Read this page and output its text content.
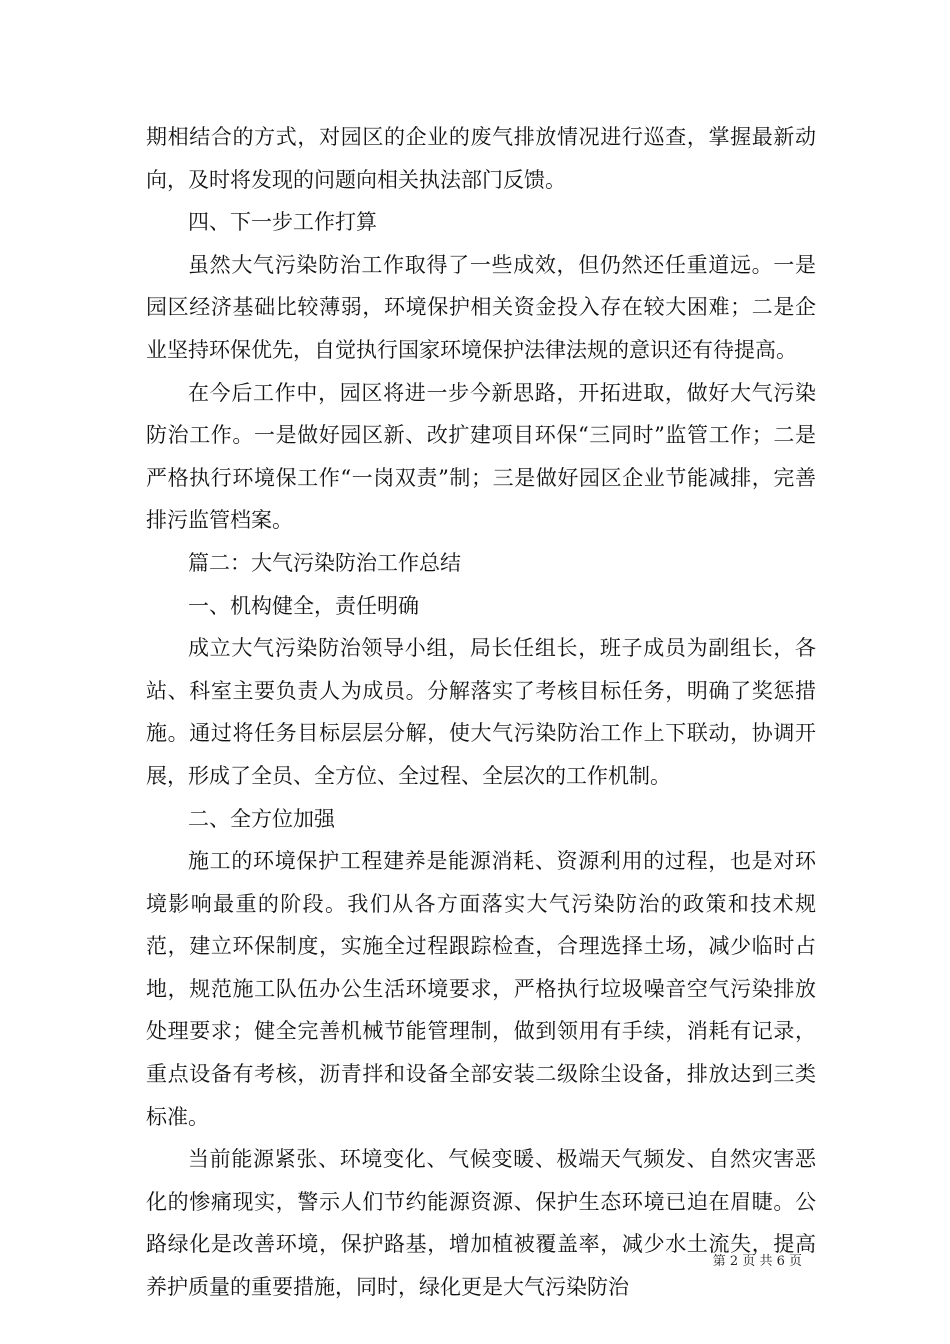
期相结合的方式，对园区的企业的废气排放情况进行巡查，掌握最新动向，及时将发现的问题向相关执法部门反馈。

四、下一步工作打算

虽然大气污染防治工作取得了一些成效，但仍然还任重道远。一是园区经济基础比较薄弱，环境保护相关资金投入存在较大困难；二是企业坚持环保优先，自觉执行国家环境保护法律法规的意识还有待提高。

在今后工作中，园区将进一步今新思路，开拓进取，做好大气污染防治工作。一是做好园区新、改扩建项目环保“三同时”监管工作；二是严格执行环境保工作“一岗双责”制；三是做好园区企业节能减排，完善排污监管档案。

篇二：大气污染防治工作总结

一、机构健全，责任明确

成立大气污染防治领导小组，局长任组长，班子成员为副组长，各站、科室主要负责人为成员。分解落实了考核目标任务，明确了奖惩措施。通过将任务目标层层分解，使大气污染防治工作上下联动，协调开展，形成了全员、全方位、全过程、全层次的工作机制。

二、全方位加强

施工的环境保护工程建养是能源消耗、资源利用的过程，也是对环境影响最重的阶段。我们从各方面落实大气污染防治的政策和技术规范，建立环保制度，实施全过程跟踪检查，合理选择土场，减少临时占地，规范施工队伍办公生活环境要求，严格执行垃圾噪音空气污染排放处理要求；健全完善机械节能管理制，做到领用有手续，消耗有记录，重点设备有考核，沥青拌和设备全部安装二级除尘设备，排放达到三类标准。

当前能源紧张、环境变化、气候变暖、极端天气频发、自然灾害恶化的惨痛现实，警示人们节约能源资源、保护生态环境已迫在眉睫。公路绿化是改善环境，保护路基，增加植被覆盖率，减少水土流失，提高养护质量的重要措施，同时，绿化更是大气污染防治

第 2 页 共 6 页
